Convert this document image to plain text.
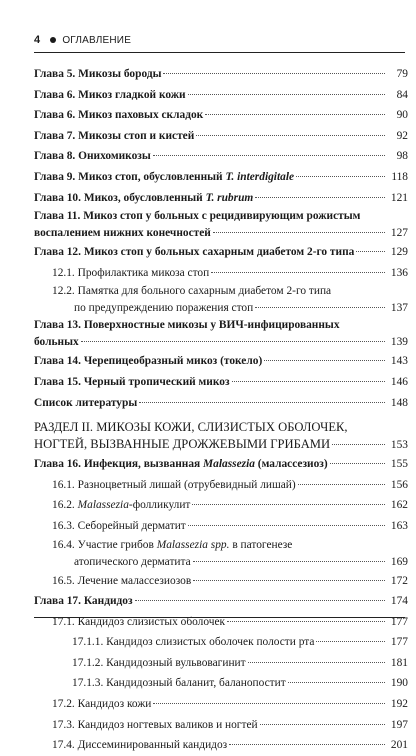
4 ОГЛАВЛЕНИЕ
Глава 5. Микозы бороды	79
Глава 6. Микоз гладкой кожи	84
Глава 6. Микоз паховых складок	90
Глава 7. Микозы стоп и кистей	92
Глава 8. Онихомикозы	98
Глава 9. Микоз стоп, обусловленный T. interdigitale	118
Глава 10. Микоз, обусловленный T. rubrum	121
Глава 11. Микоз стоп у больных с рецидивирующим рожистым
воспалением нижних конечностей	127
Глава 12. Микоз стоп у больных сахарным диабетом 2-го типа	129
12.1. Профилактика микоза стоп	136
12.2. Памятка для больного сахарным диабетом 2-го типа
по предупреждению поражения стоп	137
Глава 13. Поверхностные микозы у ВИЧ-инфицированных
больных	139
Глава 14. Черепицеобразный микоз (токело)	143
Глава 15. Черный тропический микоз	146
Список литературы	148
РАЗДЕЛ II. МИКОЗЫ КОЖИ, СЛИЗИСТЫХ ОБОЛОЧЕК,
НОГТЕЙ, ВЫЗВАННЫЕ ДРОЖЖЕВЫМИ ГРИБАМИ	153
Глава 16. Инфекция, вызванная Malassezia (малассезиоз)	155
16.1. Разноцветный лишай (отрубевидный лишай)	156
16.2. Malassezia-фолликулит	162
16.3. Себорейный дерматит	163
16.4. Участие грибов Malassezia spp. в патогенезе
атопического дерматита	169
16.5. Лечение малассезиозов	172
Глава 17. Кандидоз	174
17.1. Кандидоз слизистых оболочек	177
17.1.1. Кандидоз слизистых оболочек полости рта	177
17.1.2. Кандидозный вульвовагинит	181
17.1.3. Кандидозный баланит, баланопостит	190
17.2. Кандидоз кожи	192
17.3. Кандидоз ногтевых валиков и ногтей	197
17.4. Диссеминированный кандидоз	201
